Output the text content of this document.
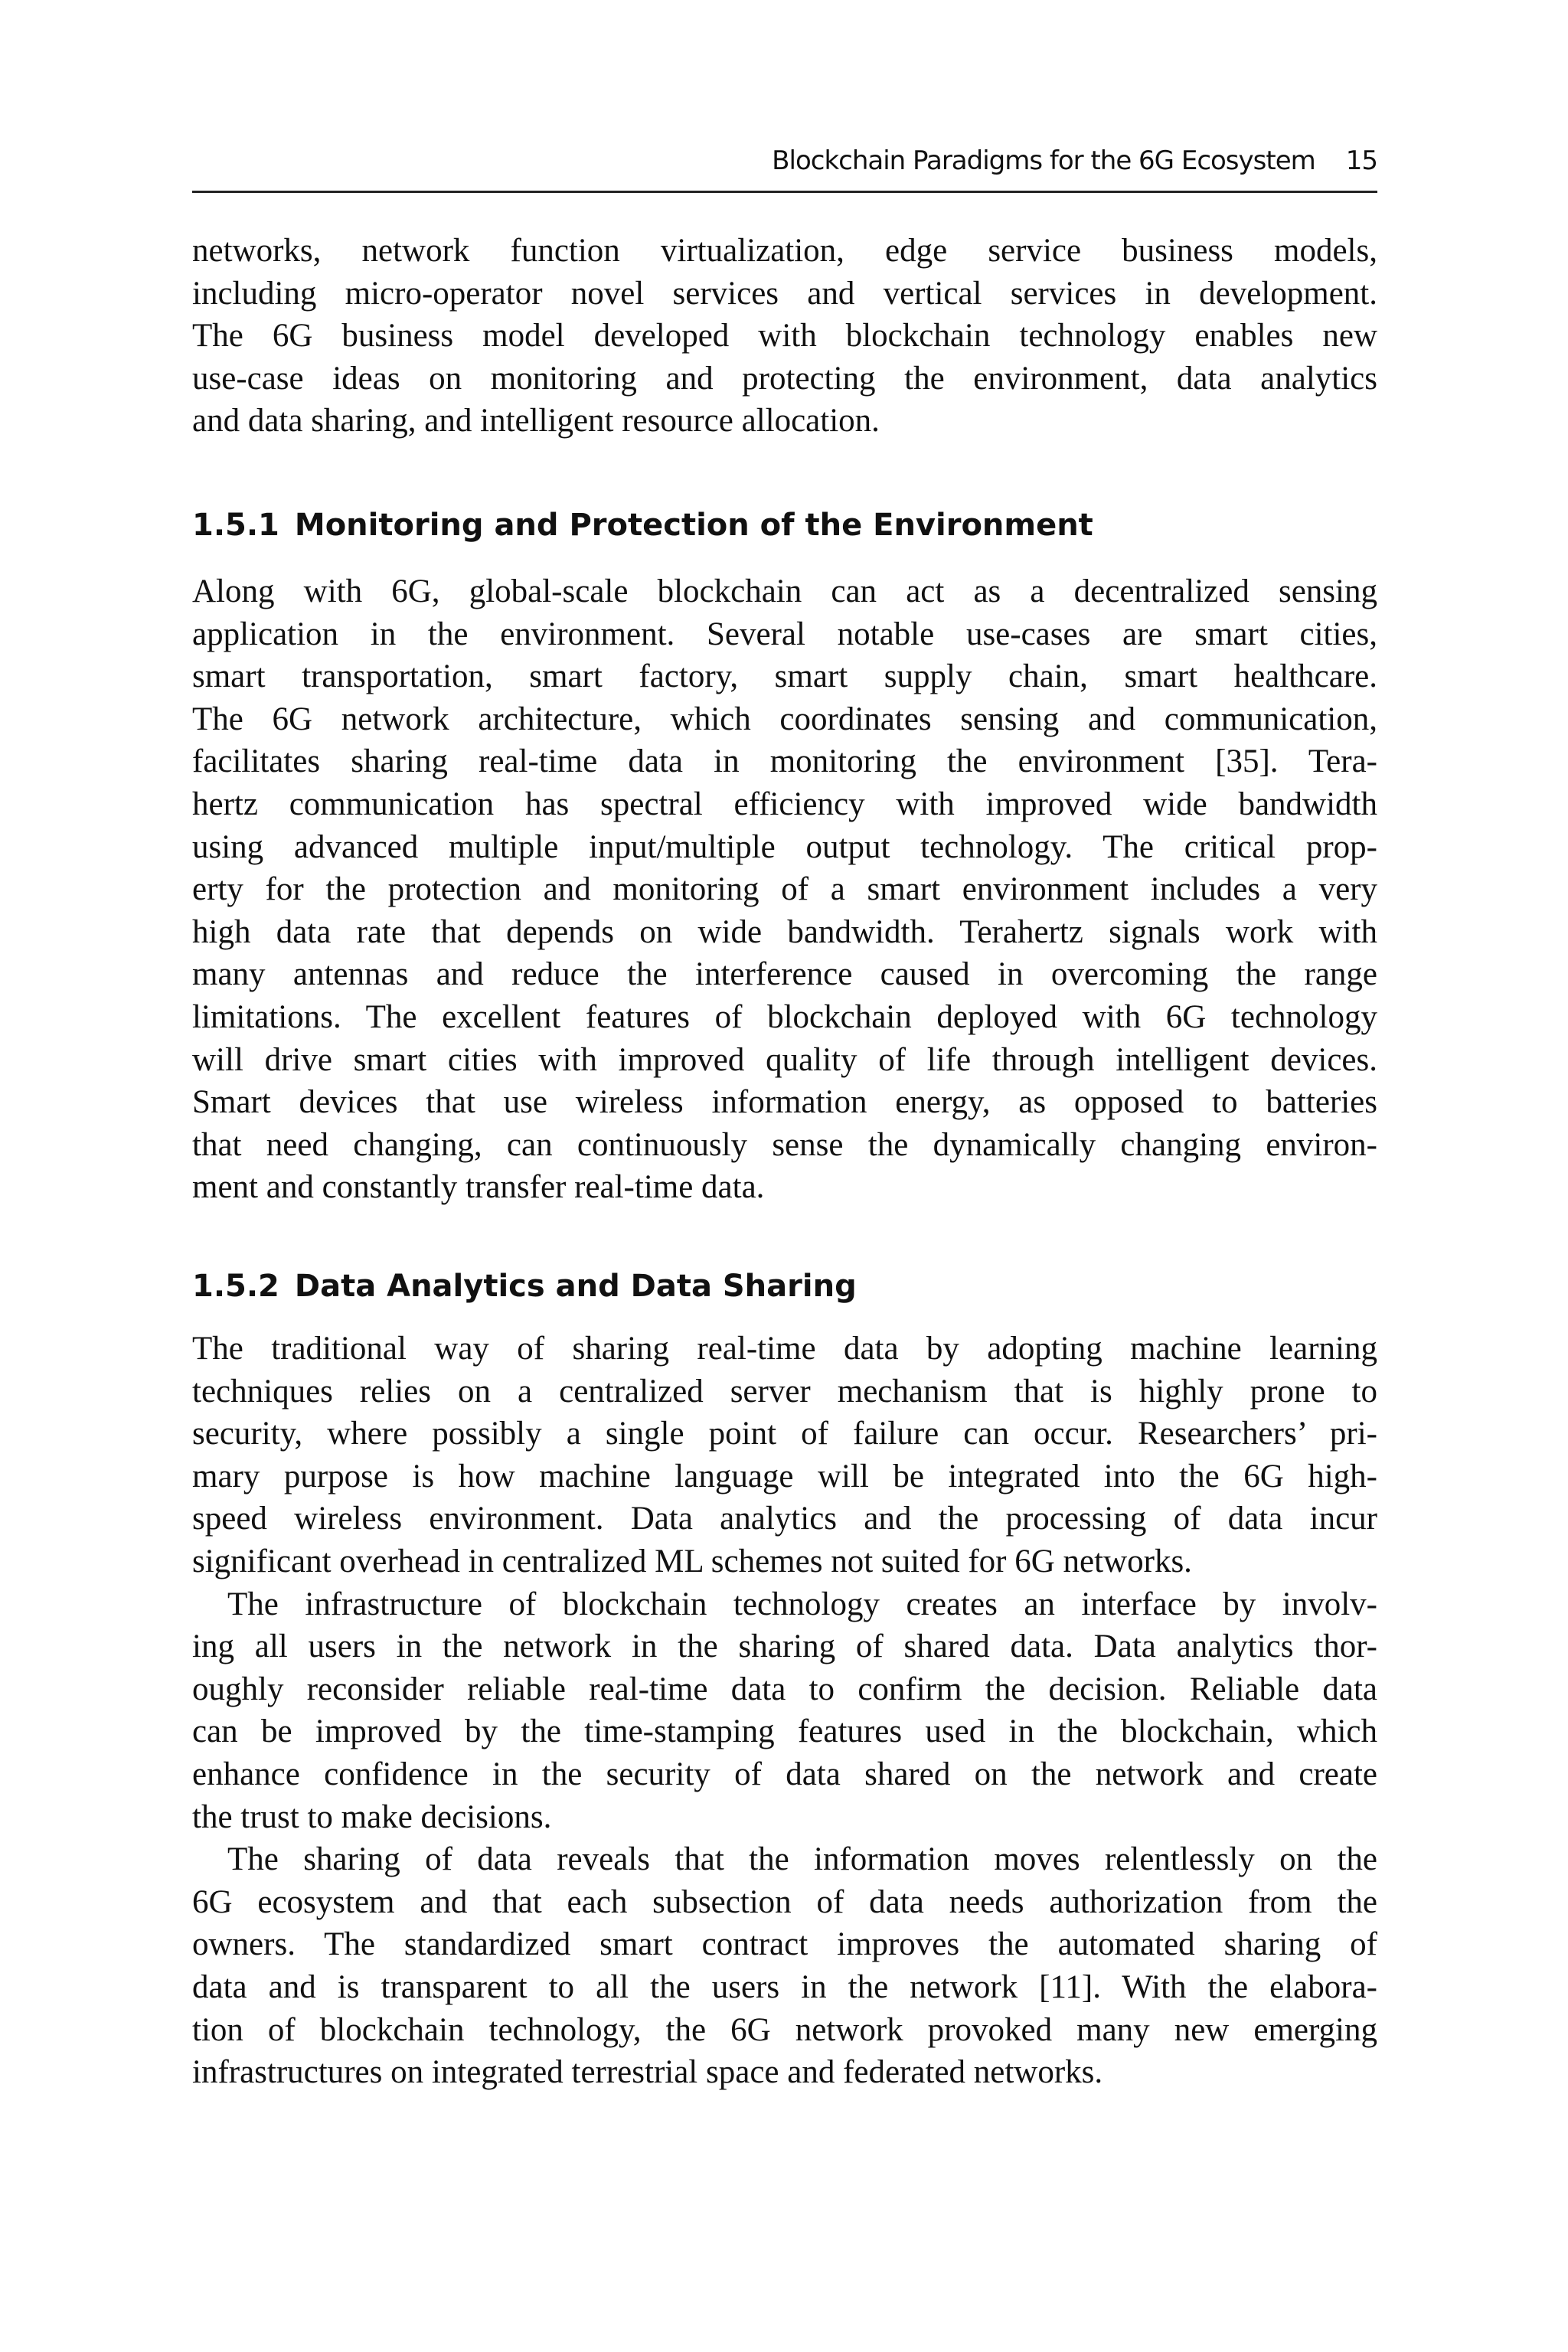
Blockchain Paradigms for the 6G Ecosystem 15
networks, network function virtualization, edge service business models,
including micro-operator novel services and vertical services in development.
The 6G business model developed with blockchain technology enables new
use-case ideas on monitoring and protecting the environment, data analytics
and data sharing, and intelligent resource allocation.
1.5.1 Monitoring and Protection of the Environment
Along with 6G, global-scale blockchain can act as a decentralized sensing
application in the environment. Several notable use-cases are smart cities,
smart transportation, smart factory, smart supply chain, smart healthcare.
The 6G network architecture, which coordinates sensing and communication,
facilitates sharing real-time data in monitoring the environment [35]. Tera-
hertz communication has spectral efficiency with improved wide bandwidth
using advanced multiple input/multiple output technology. The critical prop-
erty for the protection and monitoring of a smart environment includes a very
high data rate that depends on wide bandwidth. Terahertz signals work with
many antennas and reduce the interference caused in overcoming the range
limitations. The excellent features of blockchain deployed with 6G technology
will drive smart cities with improved quality of life through intelligent devices.
Smart devices that use wireless information energy, as opposed to batteries
that need changing, can continuously sense the dynamically changing environ-
ment and constantly transfer real-time data.
1.5.2 Data Analytics and Data Sharing
The traditional way of sharing real-time data by adopting machine learning
techniques relies on a centralized server mechanism that is highly prone to
security, where possibly a single point of failure can occur. Researchers’ pri-
mary purpose is how machine language will be integrated into the 6G high-
speed wireless environment. Data analytics and the processing of data incur
significant overhead in centralized ML schemes not suited for 6G networks.
The infrastructure of blockchain technology creates an interface by involv-
ing all users in the network in the sharing of shared data. Data analytics thor-
oughly reconsider reliable real-time data to confirm the decision. Reliable data
can be improved by the time-stamping features used in the blockchain, which
enhance confidence in the security of data shared on the network and create
the trust to make decisions.
The sharing of data reveals that the information moves relentlessly on the
6G ecosystem and that each subsection of data needs authorization from the
owners. The standardized smart contract improves the automated sharing of
data and is transparent to all the users in the network [11]. With the elabora-
tion of blockchain technology, the 6G network provoked many new emerging
infrastructures on integrated terrestrial space and federated networks.
